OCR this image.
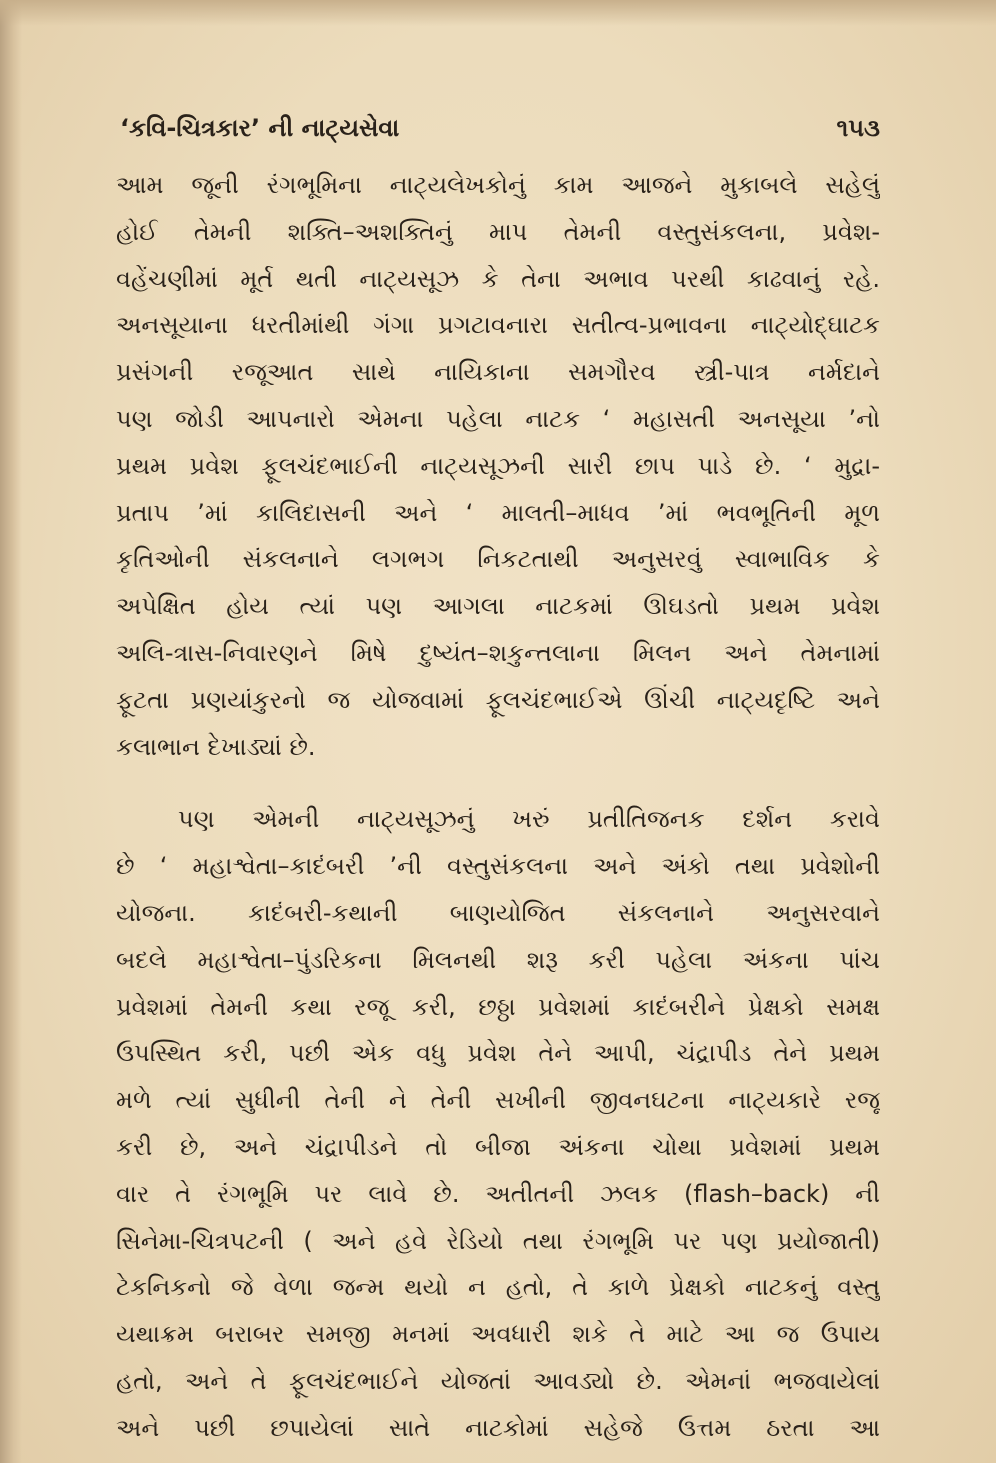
‘કવિ-ચિત્રકાર’ ની નાટ્યસેવા	૧૫૩
આમ જૂની રંગભૂમિના નાટ્યલેખકોનું કામ આજને મુકાબલે સહેલું
હોઈ તેમની શક્તિ–અશક્તિનું માપ તેમની વસ્તુસંકલના, પ્રવેશ-
વહેંચણીમાં મૂર્ત થતી નાટ્યસૂઝ કે તેના અભાવ પરથી કાઢવાનું રહે.
અનસૂયાના ધરતીમાંથી ગંગા પ્રગટાવનારા સતીત્વ-પ્રભાવના નાટ્યોદ્ઘાટક
પ્રસંગની રજૂઆત સાથે નાયિકાના સમગૌરવ સ્ત્રી-પાત્ર નર્મદાને
પણ જોડી આપનારો એમના પહેલા નાટક ‘ મહાસતી અનસૂયા ’નો
પ્રથમ પ્રવેશ ફૂલચંદભાઈની નાટ્યસૂઝની સારી છાપ પાડે છે. ‘ મુદ્રા-
પ્રતાપ ’માં કાલિદાસની અને ‘ માલતી–માધવ ’માં ભવભૂતિની મૂળ
કૃતિઓની સંકલનાને લગભગ નિકટતાથી અનુસરવું સ્વાભાવિક કે
અપેક્ષિત હોય ત્યાં પણ આગલા નાટકમાં ઊઘડતો પ્રથમ પ્રવેશ
અલિ-ત્રાસ-નિવારણને મિષે દુષ્યંત–શકુન્તલાના મિલન અને તેમનામાં
ફૂટતા પ્રણયાંકુરનો જ યોજવામાં ફૂલચંદભાઈએ ઊંચી નાટ્યદૃષ્ટિ અને
કલાભાન દેખાડ્યાં છે.
પણ એમની નાટ્યસૂઝનું ખરું પ્રતીતિજનક દર્શન કરાવે
છે ‘ મહાશ્વેતા–કાદંબરી ’ની વસ્તુસંકલના અને અંકો તથા પ્રવેશોની
યોજના. કાદંબરી-કથાની બાણયોજિત સંકલનાને અનુસરવાને
બદલે મહાશ્વેતા–પુંડરિકના મિલનથી શરૂ કરી પહેલા અંકના પાંચ
પ્રવેશમાં તેમની કથા રજૂ કરી, છઠ્ઠા પ્રવેશમાં કાદંબરીને પ્રેક્ષકો સમક્ષ
ઉપસ્થિત કરી, પછી એક વધુ પ્રવેશ તેને આપી, ચંદ્રાપીડ તેને પ્રથમ
મળે ત્યાં સુધીની તેની ને તેની સખીની જીવનઘટના નાટ્યકારે રજૂ
કરી છે, અને ચંદ્રાપીડને તો બીજા અંકના ચોથા પ્રવેશમાં પ્રથમ
વાર તે રંગભૂમિ પર લાવે છે. અતીતની ઝલક (flash–back) ની
સિનેમા-ચિત્રપટની ( અને હવે રેડિયો તથા રંગભૂમિ પર પણ પ્રયોજાતી)
ટેકનિકનો જે વેળા જન્મ થયો ન હતો, તે કાળે પ્રેક્ષકો નાટકનું વસ્તુ
યથાક્રમ બરાબર સમજી મનમાં અવધારી શકે તે માટે આ જ ઉપાય
હતો, અને તે ફૂલચંદભાઈને યોજતાં આવડ્યો છે. એમનાં ભજવાયેલાં
અને પછી છપાયેલાં સાતે નાટકોમાં સહેજે ઉત્તમ ઠરતા આ
